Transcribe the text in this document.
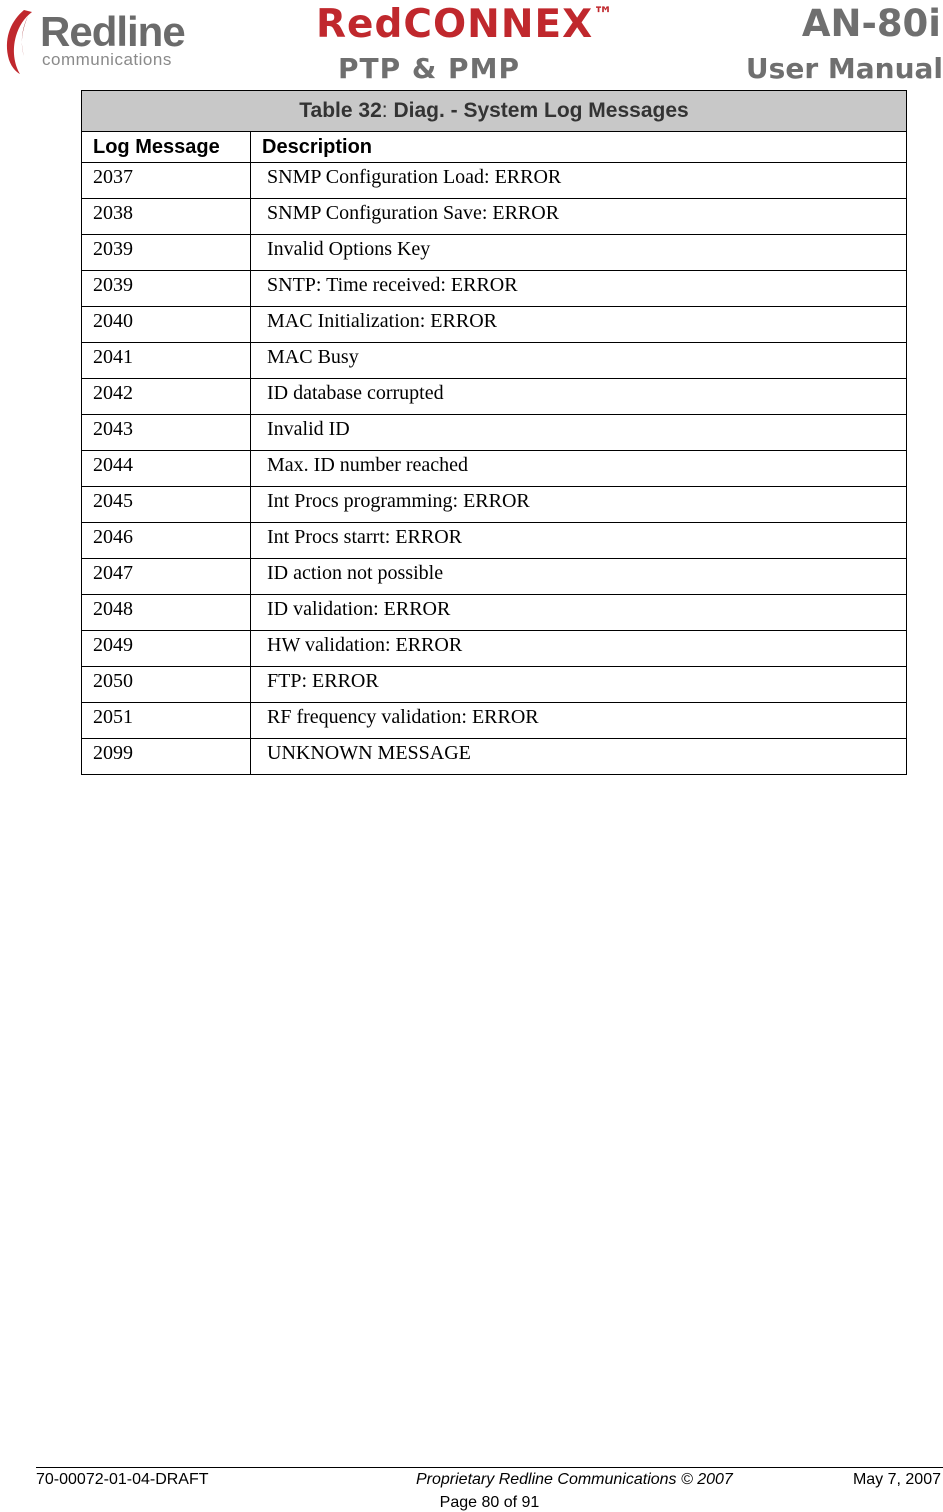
Redline
communications
RedCONNEX™
PTP & PMP
AN-80i
User Manual
Table 32: Diag. - System Log Messages	
Log Message	Description
2037	SNMP Configuration Load: ERROR
2038	SNMP Configuration Save: ERROR
2039	Invalid Options Key
2039	SNTP: Time received: ERROR
2040	MAC Initialization: ERROR
2041	MAC Busy
2042	ID database corrupted
2043	Invalid ID
2044	Max. ID number reached
2045	Int Procs programming: ERROR
2046	Int Procs starrt: ERROR
2047	ID action not possible
2048	ID validation: ERROR
2049	HW validation: ERROR
2050	FTP: ERROR
2051	RF frequency validation: ERROR
2099	UNKNOWN MESSAGE
70-00072-01-04-DRAFT	Proprietary Redline Communications © 2007	May 7, 2007
Page 80 of 91
